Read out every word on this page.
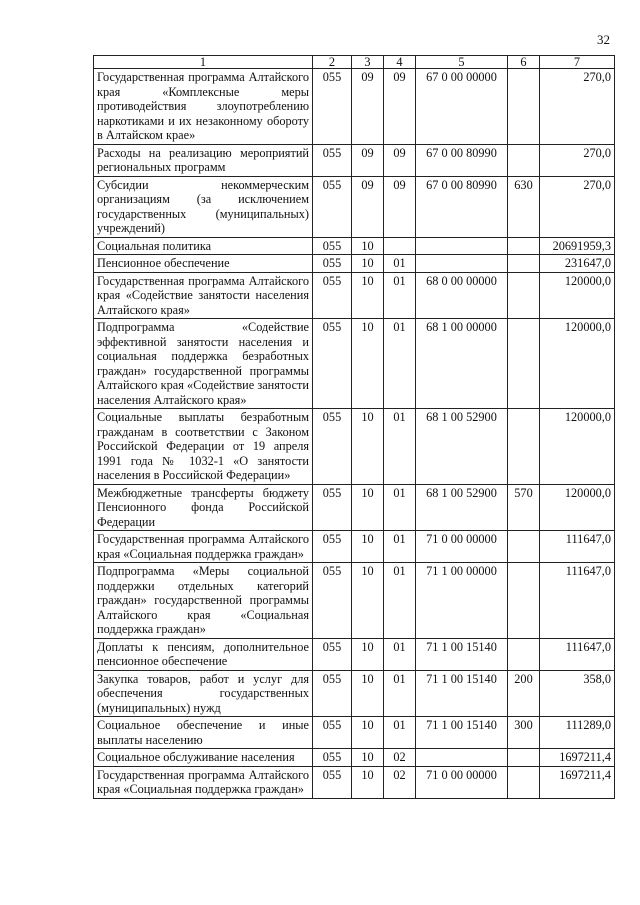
32
1	2	3	4	5	6	7
Государственная программа Алтайского края «Комплексные меры противодействия злоупотреблению наркотиками и их незаконному обороту в Алтайском крае»	055	09	09	67 0 00 00000		270,0
Расходы на реализацию мероприятий региональных программ	055	09	09	67 0 00 80990		270,0
Субсидии некоммерческим организациям (за исключением государственных (муниципальных) учреждений)	055	09	09	67 0 00 80990	630	270,0
Социальная политика	055	10				20691959,3
Пенсионное обеспечение	055	10	01			231647,0
Государственная программа Алтайского края «Содействие занятости населения Алтайского края»	055	10	01	68 0 00 00000		120000,0
Подпрограмма «Содействие эффективной занятости населения и социальная поддержка безработных граждан» государственной программы Алтайского края «Содействие занятости населения Алтайского края»	055	10	01	68 1 00 00000		120000,0
Социальные выплаты безработным гражданам в соответствии с Законом Российской Федерации от 19 апреля 1991 года № 1032-1 «О занятости населения в Российской Федерации»	055	10	01	68 1 00 52900		120000,0
Межбюджетные трансферты бюджету Пенсионного фонда Российской Федерации	055	10	01	68 1 00 52900	570	120000,0
Государственная программа Алтайского края «Социальная поддержка граждан»	055	10	01	71 0 00 00000		111647,0
Подпрограмма «Меры социальной поддержки отдельных категорий граждан» государственной программы Алтайского края «Социальная поддержка граждан»	055	10	01	71 1 00 00000		111647,0
Доплаты к пенсиям, дополнительное пенсионное обеспечение	055	10	01	71 1 00 15140		111647,0
Закупка товаров, работ и услуг для обеспечения государственных (муниципальных) нужд	055	10	01	71 1 00 15140	200	358,0
Социальное обеспечение и иные выплаты населению	055	10	01	71 1 00 15140	300	111289,0
Социальное обслуживание населения	055	10	02			1697211,4
Государственная программа Алтайского края «Социальная поддержка граждан»	055	10	02	71 0 00 00000		1697211,4
